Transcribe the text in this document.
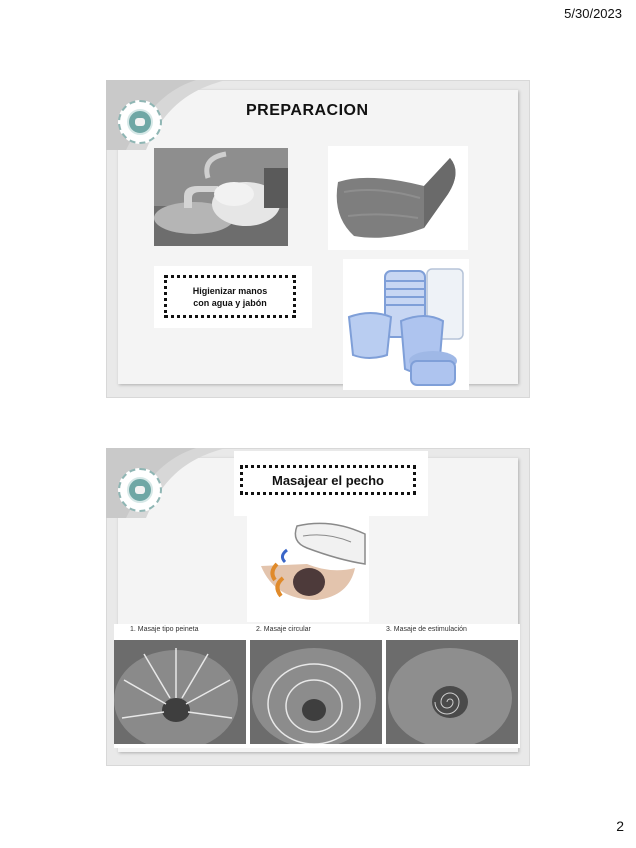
5/30/2023
PREPARACION
Higienizar manos
con agua y jabón
Masajear el pecho
1. Masaje tipo peineta	2. Masaje circular	3. Masaje de estimulación
2
